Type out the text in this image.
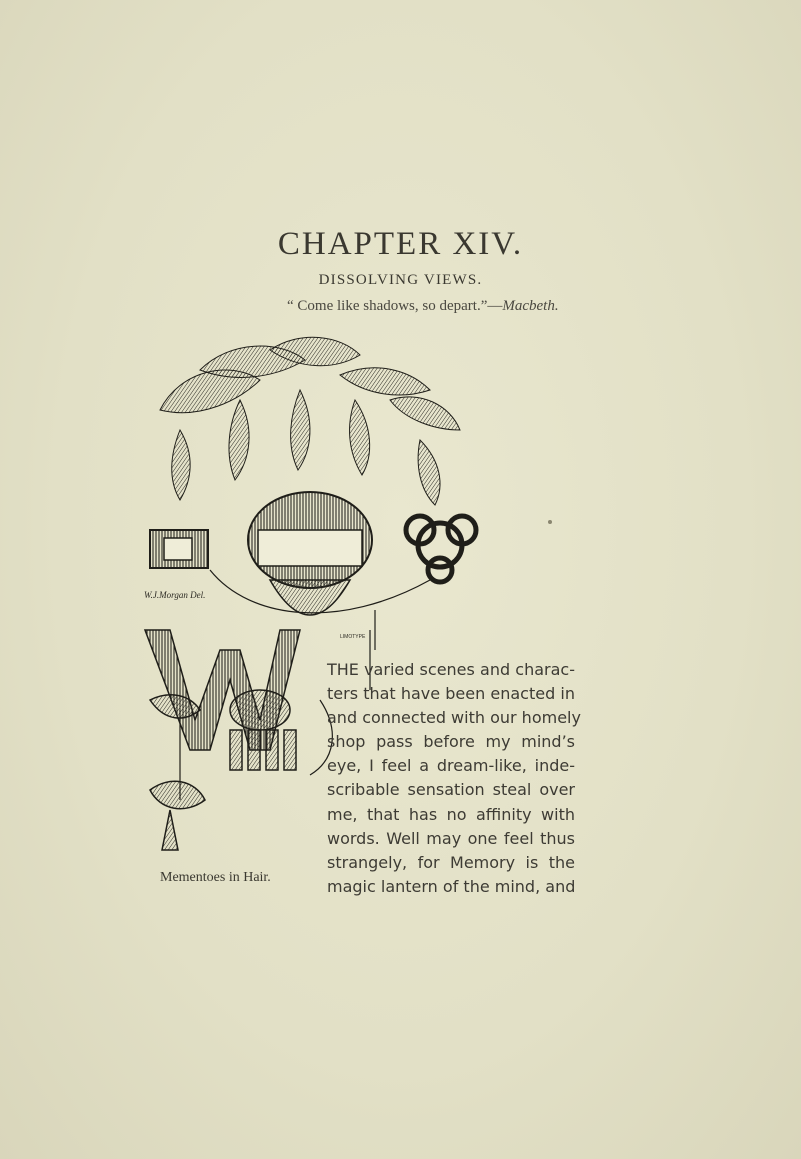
CHAPTER XIV.
DISSOLVING VIEWS.
“ Come like shadows, so depart.”—Macbeth.
W.J.Morgan Del.
LIMOTYPE
Mementoes in Hair.
THE varied scenes and charac-
ters that have been enacted in
and connected with our homely
shop pass before my mind’s
eye, I feel a dream-like, inde-
scribable sensation steal over
me, that has no affinity with
words. Well may one feel thus
strangely, for Memory is the
magic lantern of the mind, and
